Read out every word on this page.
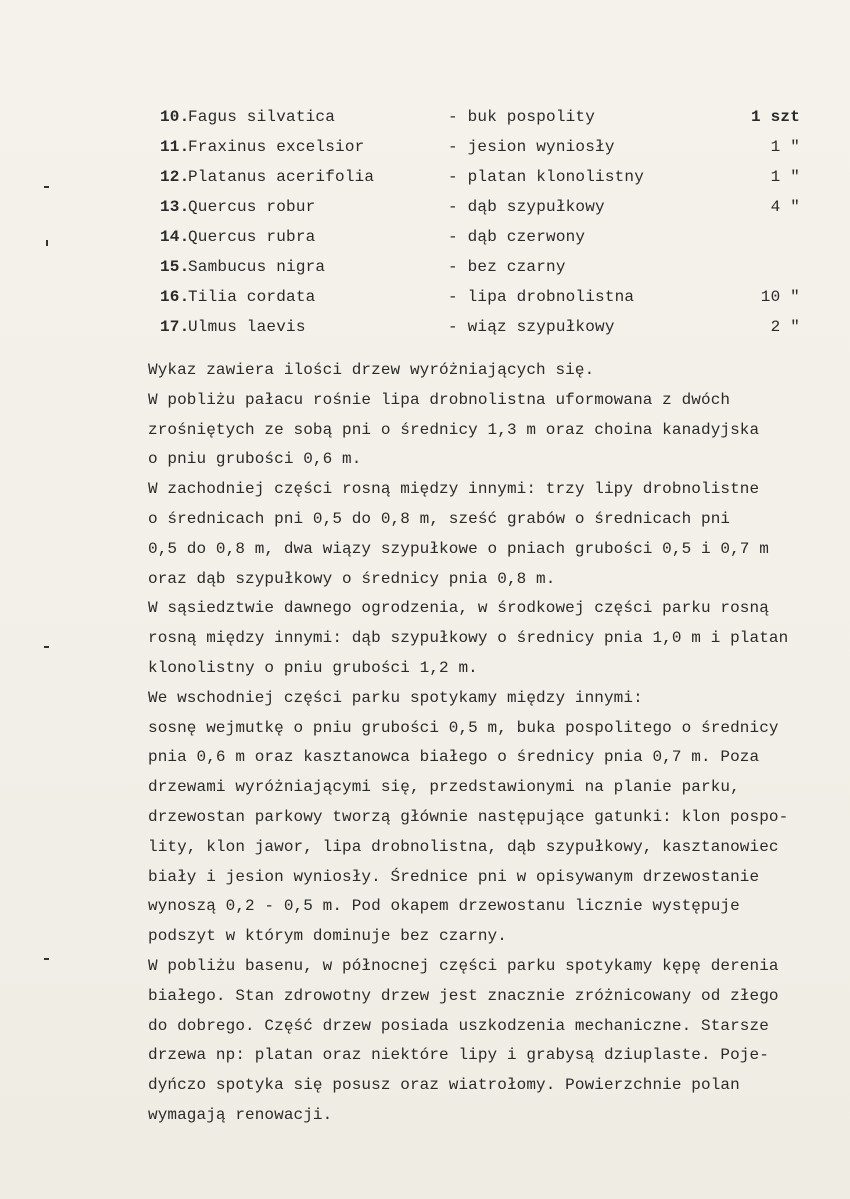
10.
Fagus silvatica	- buk pospolity	1 szt
11.
Fraxinus excelsior	- jesion wyniosły	1 "
12.
Platanus acerifolia	- platan klonolistny	1 "
13.
Quercus robur	- dąb szypułkowy	4 "
14.
Quercus rubra	- dąb czerwony
15.
Sambucus nigra	- bez czarny
16.
Tilia cordata	- lipa drobnolistna	10 "
17.
Ulmus laevis	- wiąz szypułkowy	2 "
Wykaz zawiera ilości drzew wyróżniających się.
W pobliżu pałacu rośnie lipa drobnolistna uformowana z dwóch
zrośniętych ze sobą pni o średnicy 1,3 m oraz choina kanadyjska
o pniu grubości 0,6 m.
W zachodniej części rosną między innymi: trzy lipy drobnolistne
o średnicach pni 0,5 do 0,8 m, sześć grabów o średnicach pni
0,5 do 0,8 m, dwa wiązy szypułkowe o pniach grubości 0,5 i 0,7 m
oraz dąb szypułkowy o średnicy pnia 0,8 m.
W sąsiedztwie dawnego ogrodzenia, w środkowej części parku rosną
rosną między innymi: dąb szypułkowy o średnicy pnia 1,0 m i platan
klonolistny o pniu grubości 1,2 m.
We wschodniej części parku spotykamy między innymi:
sosnę wejmutkę o pniu grubości 0,5 m, buka pospolitego o średnicy
pnia 0,6 m oraz kasztanowca białego o średnicy pnia 0,7 m. Poza
drzewami wyróżniającymi się, przedstawionymi na planie parku,
drzewostan parkowy tworzą głównie następujące gatunki: klon pospo-
lity, klon jawor, lipa drobnolistna, dąb szypułkowy, kasztanowiec
biały i jesion wyniosły. Średnice pni w opisywanym drzewostanie
wynoszą 0,2 - 0,5 m. Pod okapem drzewostanu licznie występuje
podszyt w którym dominuje bez czarny.
W pobliżu basenu, w północnej części parku spotykamy kępę derenia
białego. Stan zdrowotny drzew jest znacznie zróżnicowany od złego
do dobrego. Część drzew posiada uszkodzenia mechaniczne. Starsze
drzewa np: platan oraz niektóre lipy i grabysą dziuplaste. Poje-
dyńczo spotyka się posusz oraz wiatrołomy. Powierzchnie polan
wymagają renowacji.
